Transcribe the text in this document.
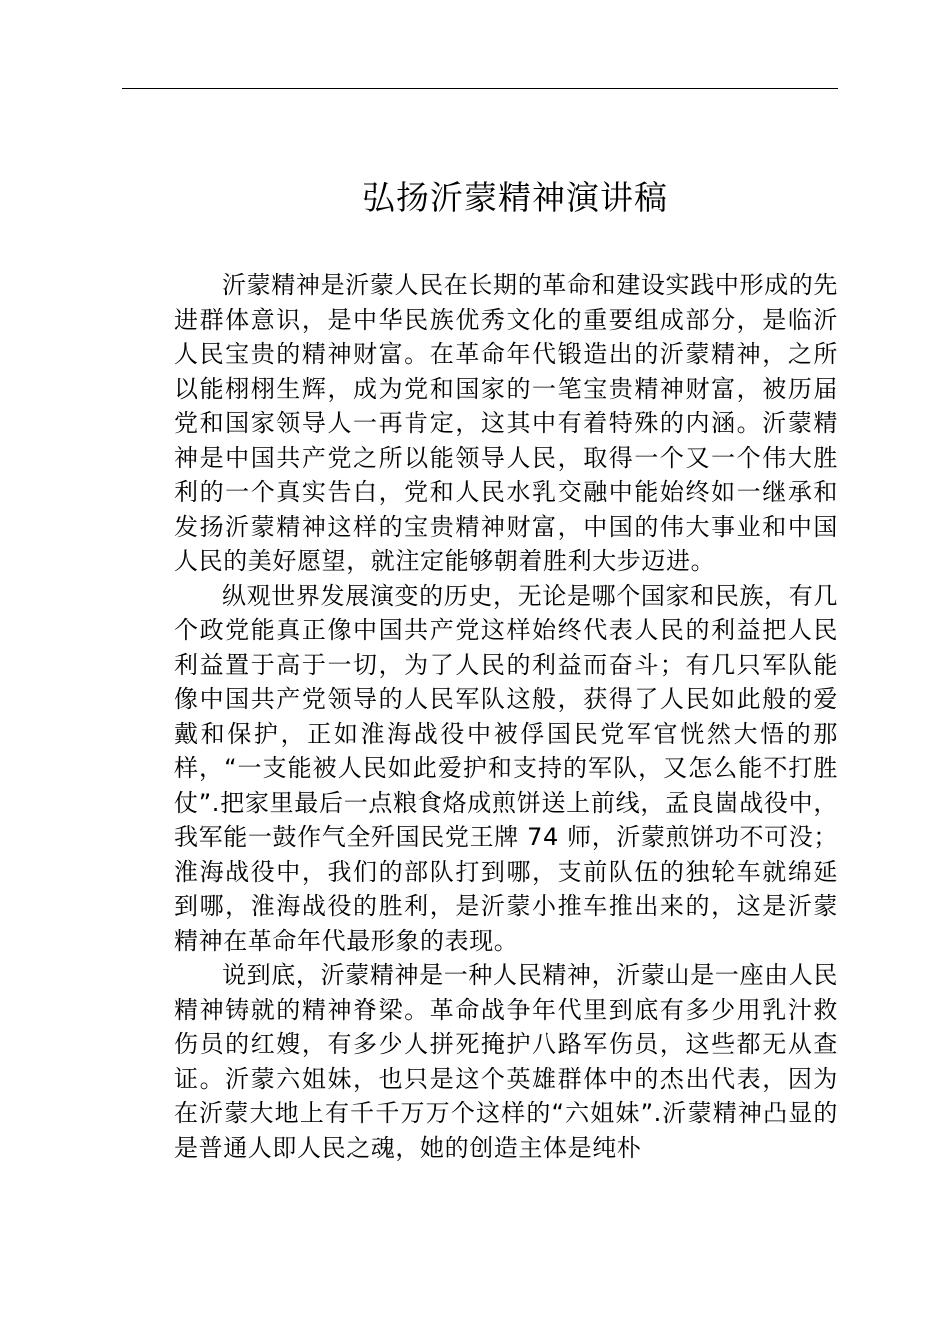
弘扬沂蒙精神演讲稿

沂蒙精神是沂蒙人民在长期的革命和建设实践中形成的先进群体意识，是中华民族优秀文化的重要组成部分，是临沂人民宝贵的精神财富。在革命年代锻造出的沂蒙精神，之所以能栩栩生辉，成为党和国家的一笔宝贵精神财富，被历届党和国家领导人一再肯定，这其中有着特殊的内涵。沂蒙精神是中国共产党之所以能领导人民，取得一个又一个伟大胜利的一个真实告白，党和人民水乳交融中能始终如一继承和发扬沂蒙精神这样的宝贵精神财富，中国的伟大事业和中国人民的美好愿望，就注定能够朝着胜利大步迈进。

纵观世界发展演变的历史，无论是哪个国家和民族，有几个政党能真正像中国共产党这样始终代表人民的利益把人民利益置于高于一切，为了人民的利益而奋斗；有几只军队能像中国共产党领导的人民军队这般，获得了人民如此般的爱戴和保护，正如淮海战役中被俘国民党军官恍然大悟的那样，“一支能被人民如此爱护和支持的军队，又怎么能不打胜仗”.把家里最后一点粮食烙成煎饼送上前线，孟良崮战役中，我军能一鼓作气全歼国民党王牌 74 师，沂蒙煎饼功不可没；淮海战役中，我们的部队打到哪，支前队伍的独轮车就绵延到哪，淮海战役的胜利，是沂蒙小推车推出来的，这是沂蒙精神在革命年代最形象的表现。

说到底，沂蒙精神是一种人民精神，沂蒙山是一座由人民精神铸就的精神脊梁。革命战争年代里到底有多少用乳汁救伤员的红嫂，有多少人拼死掩护八路军伤员，这些都无从查证。沂蒙六姐妹，也只是这个英雄群体中的杰出代表，因为在沂蒙大地上有千千万万个这样的“六姐妹”.沂蒙精神凸显的是普通人即人民之魂，她的创造主体是纯朴
